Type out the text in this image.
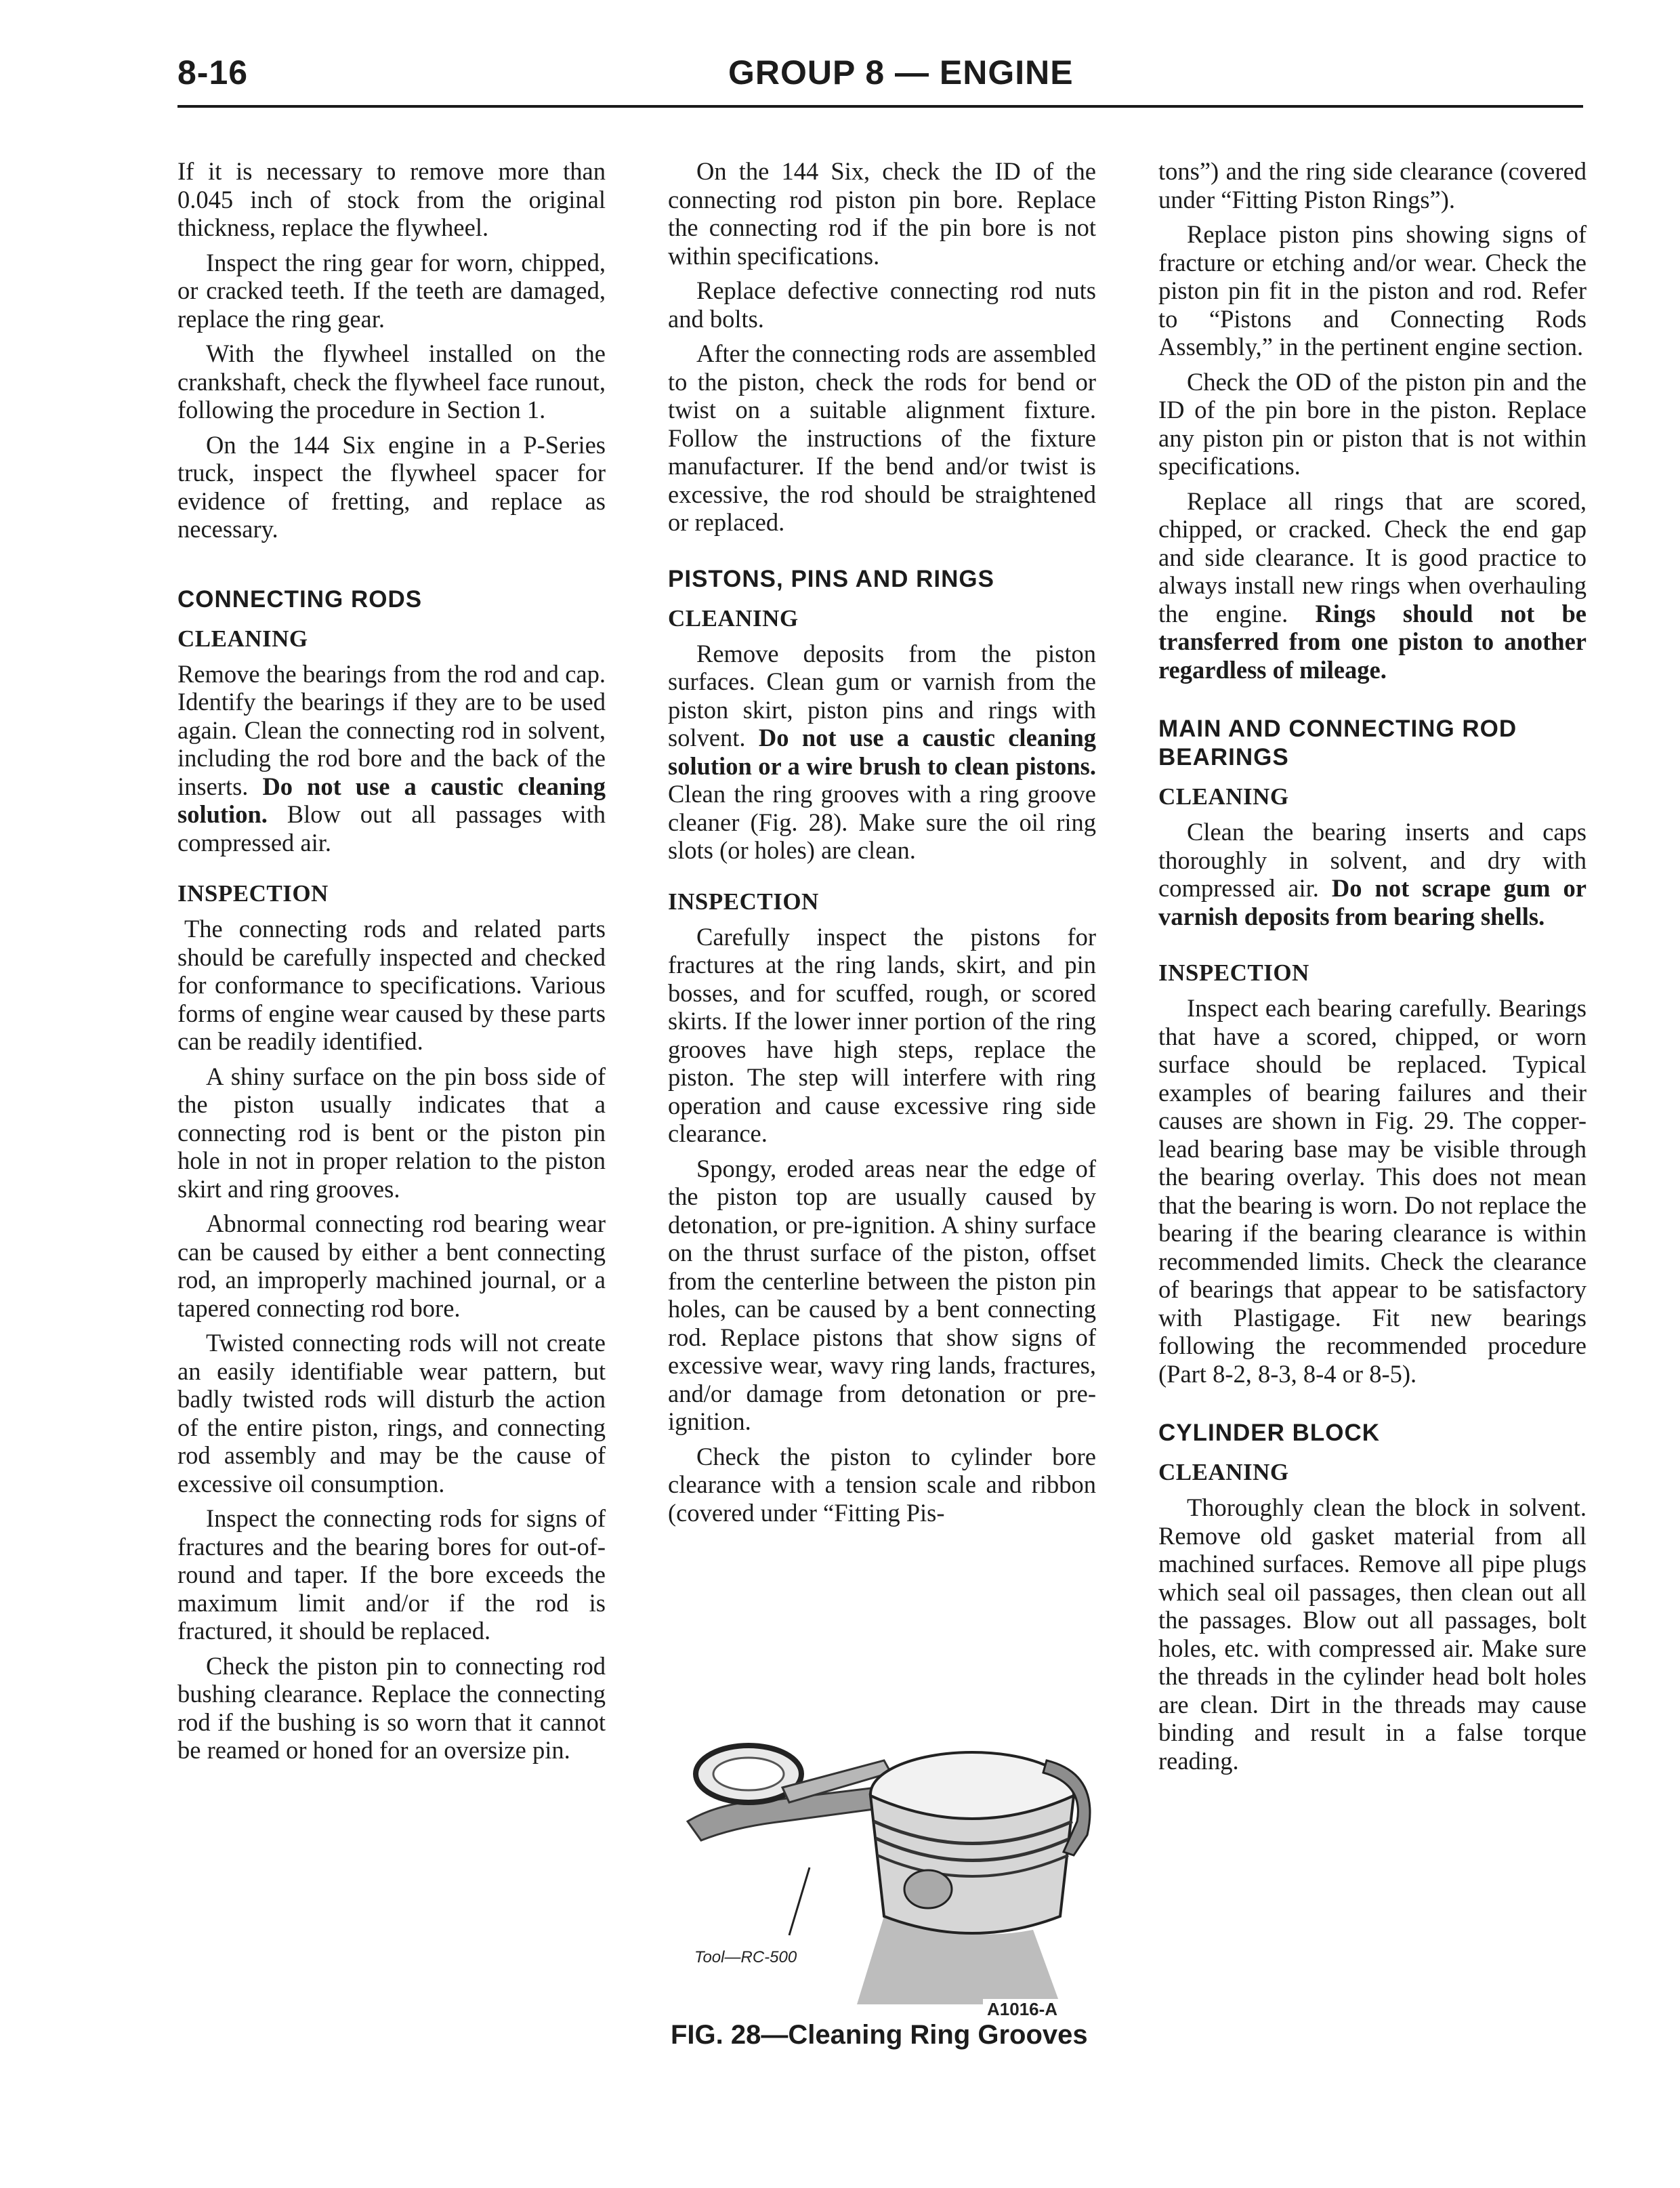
8-16	GROUP 8 — ENGINE

If it is necessary to remove more than 0.045 inch of stock from the original thickness, replace the flywheel.

Inspect the ring gear for worn, chipped, or cracked teeth. If the teeth are damaged, replace the ring gear.

With the flywheel installed on the crankshaft, check the flywheel face runout, following the procedure in Section 1.

On the 144 Six engine in a P-Series truck, inspect the flywheel spacer for evidence of fretting, and replace as necessary.

CONNECTING RODS
CLEANING

Remove the bearings from the rod and cap. Identify the bearings if they are to be used again. Clean the connecting rod in solvent, including the rod bore and the back of the inserts. Do not use a caustic cleaning solution. Blow out all passages with compressed air.

INSPECTION

The connecting rods and related parts should be carefully inspected and checked for conformance to specifications. Various forms of engine wear caused by these parts can be readily identified.

A shiny surface on the pin boss side of the piston usually indicates that a connecting rod is bent or the piston pin hole in not in proper relation to the piston skirt and ring grooves.

Abnormal connecting rod bearing wear can be caused by either a bent connecting rod, an improperly machined journal, or a tapered connecting rod bore.

Twisted connecting rods will not create an easily identifiable wear pattern, but badly twisted rods will disturb the action of the entire piston, rings, and connecting rod assembly and may be the cause of excessive oil consumption.

Inspect the connecting rods for signs of fractures and the bearing bores for out-of-round and taper. If the bore exceeds the maximum limit and/or if the rod is fractured, it should be replaced.

Check the piston pin to connecting rod bushing clearance. Replace the connecting rod if the bushing is so worn that it cannot be reamed or honed for an oversize pin.

On the 144 Six, check the ID of the connecting rod piston pin bore. Replace the connecting rod if the pin bore is not within specifications.

Replace defective connecting rod nuts and bolts.

After the connecting rods are assembled to the piston, check the rods for bend or twist on a suitable alignment fixture. Follow the instructions of the fixture manufacturer. If the bend and/or twist is excessive, the rod should be straightened or replaced.

PISTONS, PINS AND RINGS
CLEANING

Remove deposits from the piston surfaces. Clean gum or varnish from the piston skirt, piston pins and rings with solvent. Do not use a caustic cleaning solution or a wire brush to clean pistons. Clean the ring grooves with a ring groove cleaner (Fig. 28). Make sure the oil ring slots (or holes) are clean.

INSPECTION

Carefully inspect the pistons for fractures at the ring lands, skirt, and pin bosses, and for scuffed, rough, or scored skirts. If the lower inner portion of the ring grooves have high steps, replace the piston. The step will interfere with ring operation and cause excessive ring side clearance.

Spongy, eroded areas near the edge of the piston top are usually caused by detonation, or pre-ignition. A shiny surface on the thrust surface of the piston, offset from the centerline between the piston pin holes, can be caused by a bent connecting rod. Replace pistons that show signs of excessive wear, wavy ring lands, fractures, and/or damage from detonation or pre-ignition.

Check the piston to cylinder bore clearance with a tension scale and ribbon (covered under “Fitting Pis-

Tool—RC-500
A1016-A
FIG. 28—Cleaning Ring Grooves

tons”) and the ring side clearance (covered under “Fitting Piston Rings”).

Replace piston pins showing signs of fracture or etching and/or wear. Check the piston pin fit in the piston and rod. Refer to “Pistons and Connecting Rods Assembly,” in the pertinent engine section.

Check the OD of the piston pin and the ID of the pin bore in the piston. Replace any piston pin or piston that is not within specifications.

Replace all rings that are scored, chipped, or cracked. Check the end gap and side clearance. It is good practice to always install new rings when overhauling the engine. Rings should not be transferred from one piston to another regardless of mileage.

MAIN AND CONNECTING ROD BEARINGS
CLEANING

Clean the bearing inserts and caps thoroughly in solvent, and dry with compressed air. Do not scrape gum or varnish deposits from bearing shells.

INSPECTION

Inspect each bearing carefully. Bearings that have a scored, chipped, or worn surface should be replaced. Typical examples of bearing failures and their causes are shown in Fig. 29. The copper-lead bearing base may be visible through the bearing overlay. This does not mean that the bearing is worn. Do not replace the bearing if the bearing clearance is within recommended limits. Check the clearance of bearings that appear to be satisfactory with Plastigage. Fit new bearings following the recommended procedure (Part 8-2, 8-3, 8-4 or 8-5).

CYLINDER BLOCK
CLEANING

Thoroughly clean the block in solvent. Remove old gasket material from all machined surfaces. Remove all pipe plugs which seal oil passages, then clean out all the passages. Blow out all passages, bolt holes, etc. with compressed air. Make sure the threads in the cylinder head bolt holes are clean. Dirt in the threads may cause binding and result in a false torque reading.
